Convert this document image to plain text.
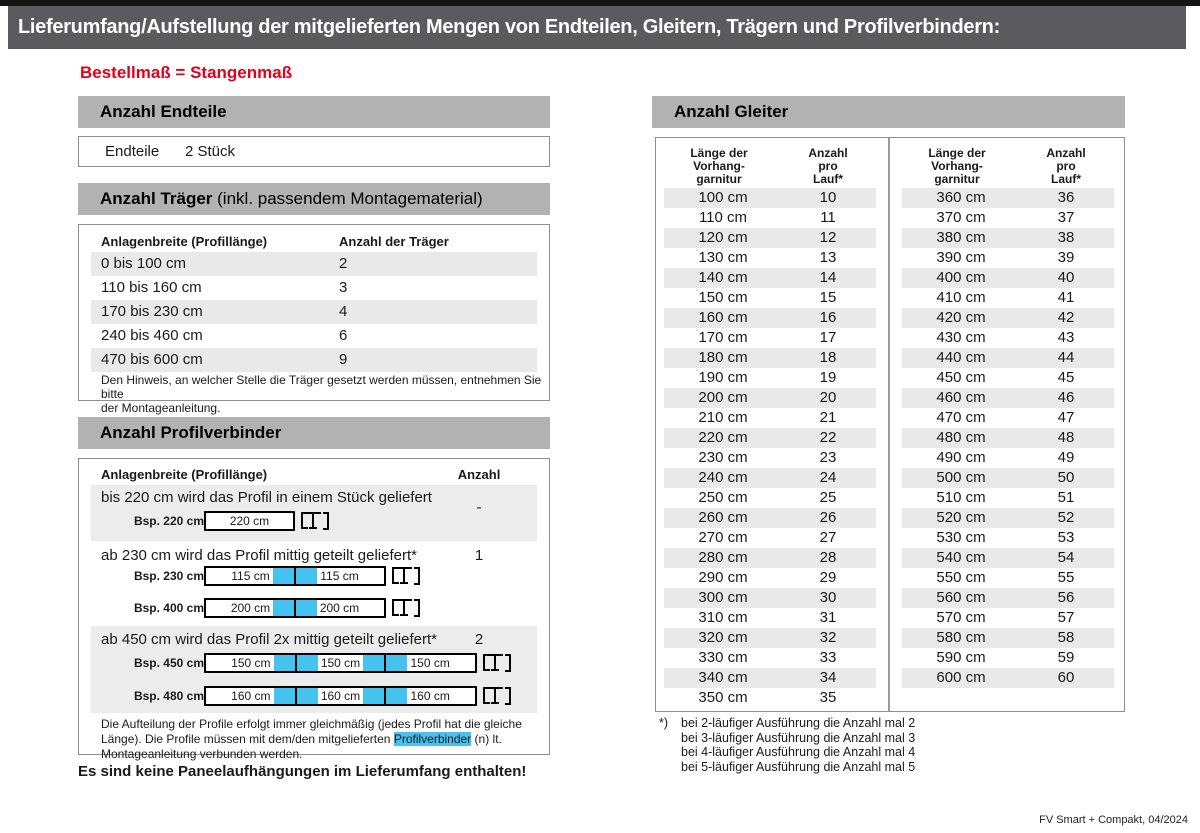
Lieferumfang/Aufstellung der mitgelieferten Mengen von Endteilen, Gleitern, Trägern und Profilverbindern:
Bestellmaß = Stangenmaß
Anzahl Endteile
Endteile 2 Stück
Anzahl Träger (inkl. passendem Montagematerial)
Anlagenbreite (Profillänge)	Anzahl der Träger
0 bis 100 cm	2
110 bis 160 cm	3
170 bis 230 cm	4
240 bis 460 cm	6
470 bis 600 cm	9
Den Hinweis, an welcher Stelle die Träger gesetzt werden müssen, entnehmen Sie bitte
der Montageanleitung.
Anzahl Profilverbinder
Anlagenbreite (Profillänge)	Anzahl
bis 220 cm wird das Profil in einem Stück geliefert
-
Bsp. 220 cm	220 cm
ab 230 cm wird das Profil mittig geteilt geliefert*	1
Bsp. 230 cm	115 cm	115 cm
Bsp. 400 cm	200 cm	200 cm
ab 450 cm wird das Profil 2x mittig geteilt geliefert*	2
Bsp. 450 cm	150 cm	150 cm	150 cm
Bsp. 480 cm	160 cm	160 cm	160 cm
Die Aufteilung der Profile erfolgt immer gleichmäßig (jedes Profil hat die gleiche Länge). Die Profile müssen mit dem/den mitgelieferten Profilverbinder (n) lt. Montageanleitung verbunden werden.
Es sind keine Paneelaufhängungen im Lieferumfang enthalten!
Anzahl Gleiter
Länge der
Vorhang-
garnitur
Anzahl
pro
Lauf*
100 cm	10
110 cm	11
120 cm	12
130 cm	13
140 cm	14
150 cm	15
160 cm	16
170 cm	17
180 cm	18
190 cm	19
200 cm	20
210 cm	21
220 cm	22
230 cm	23
240 cm	24
250 cm	25
260 cm	26
270 cm	27
280 cm	28
290 cm	29
300 cm	30
310 cm	31
320 cm	32
330 cm	33
340 cm	34
350 cm	35
Länge der
Vorhang-
garnitur
Anzahl
pro
Lauf*
360 cm	36
370 cm	37
380 cm	38
390 cm	39
400 cm	40
410 cm	41
420 cm	42
430 cm	43
440 cm	44
450 cm	45
460 cm	46
470 cm	47
480 cm	48
490 cm	49
500 cm	50
510 cm	51
520 cm	52
530 cm	53
540 cm	54
550 cm	55
560 cm	56
570 cm	57
580 cm	58
590 cm	59
600 cm	60
*) bei 2-läufiger Ausführung die Anzahl mal 2
bei 3-läufiger Ausführung die Anzahl mal 3
bei 4-läufiger Ausführung die Anzahl mal 4
bei 5-läufiger Ausführung die Anzahl mal 5
FV Smart + Compakt, 04/2024
